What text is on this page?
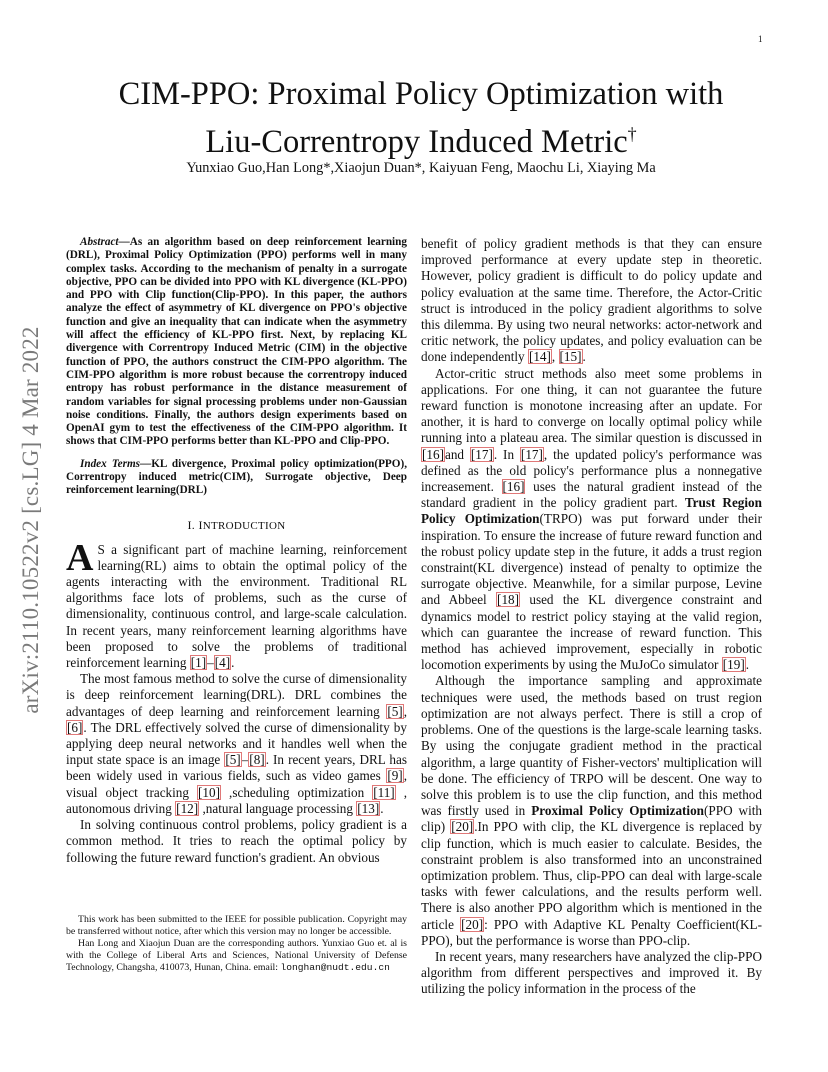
1
arXiv:2110.10522v2 [cs.LG] 4 Mar 2022
CIM-PPO: Proximal Policy Optimization with
Liu-Correntropy Induced Metric†
Yunxiao Guo,Han Long*,Xiaojun Duan*, Kaiyuan Feng, Maochu Li, Xiaying Ma
Abstract—As an algorithm based on deep reinforcement learning (DRL), Proximal Policy Optimization (PPO) performs well in many complex tasks. According to the mechanism of penalty in a surrogate objective, PPO can be divided into PPO with KL divergence (KL-PPO) and PPO with Clip function(Clip-PPO). In this paper, the authors analyze the effect of asymmetry of KL divergence on PPO's objective function and give an inequality that can indicate when the asymmetry will affect the efficiency of KL-PPO first. Next, by replacing KL divergence with Correntropy Induced Metric (CIM) in the objective function of PPO, the authors construct the CIM-PPO algorithm. The CIM-PPO algorithm is more robust because the correntropy induced entropy has robust performance in the distance measurement of random variables for signal processing problems under non-Gaussian noise conditions. Finally, the authors design experiments based on OpenAI gym to test the effectiveness of the CIM-PPO algorithm. It shows that CIM-PPO performs better than KL-PPO and Clip-PPO.
Index Terms—KL divergence, Proximal policy optimization(PPO), Correntropy induced metric(CIM), Surrogate objective, Deep reinforcement learning(DRL)
I. INTRODUCTION

A S a significant part of machine learning, reinforcement learning(RL) aims to obtain the optimal policy of the agents interacting with the environment. Traditional RL algorithms face lots of problems, such as the curse of dimensionality, continuous control, and large-scale calculation. In recent years, many reinforcement learning algorithms have been proposed to solve the problems of traditional reinforcement learning [1]–[4].

The most famous method to solve the curse of dimensionality is deep reinforcement learning(DRL). DRL combines the advantages of deep learning and reinforcement learning [5], [6]. The DRL effectively solved the curse of dimensionality by applying deep neural networks and it handles well when the input state space is an image [5]–[8]. In recent years, DRL has been widely used in various fields, such as video games [9], visual object tracking [10] ,scheduling optimization [11] , autonomous driving [12] ,natural language processing [13].

In solving continuous control problems, policy gradient is a common method. It tries to reach the optimal policy by following the future reward function's gradient. An obvious

This work has been submitted to the IEEE for possible publication. Copyright may be transferred without notice, after which this version may no longer be accessible.

Han Long and Xiaojun Duan are the corresponding authors. Yunxiao Guo et. al is with the College of Liberal Arts and Sciences, National University of Defense Technology, Changsha, 410073, Hunan, China. email: longhan@nudt.edu.cn

benefit of policy gradient methods is that they can ensure improved performance at every update step in theoretic. However, policy gradient is difficult to do policy update and policy evaluation at the same time. Therefore, the Actor-Critic struct is introduced in the policy gradient algorithms to solve this dilemma. By using two neural networks: actor-network and critic network, the policy updates, and policy evaluation can be done independently [14], [15].

Actor-critic struct methods also meet some problems in applications. For one thing, it can not guarantee the future reward function is monotone increasing after an update. For another, it is hard to converge on locally optimal policy while running into a plateau area. The similar question is discussed in [16]and [17]. In [17], the updated policy's performance was defined as the old policy's performance plus a nonnegative increasement. [16] uses the natural gradient instead of the standard gradient in the policy gradient part. Trust Region Policy Optimization(TRPO) was put forward under their inspiration. To ensure the increase of future reward function and the robust policy update step in the future, it adds a trust region constraint(KL divergence) instead of penalty to optimize the surrogate objective. Meanwhile, for a similar purpose, Levine and Abbeel [18] used the KL divergence constraint and dynamics model to restrict policy staying at the valid region, which can guarantee the increase of reward function. This method has achieved improvement, especially in robotic locomotion experiments by using the MuJoCo simulator [19].

Although the importance sampling and approximate techniques were used, the methods based on trust region optimization are not always perfect. There is still a crop of problems. One of the questions is the large-scale learning tasks. By using the conjugate gradient method in the practical algorithm, a large quantity of Fisher-vectors' multiplication will be done. The efficiency of TRPO will be descent. One way to solve this problem is to use the clip function, and this method was firstly used in Proximal Policy Optimization(PPO with clip) [20].In PPO with clip, the KL divergence is replaced by clip function, which is much easier to calculate. Besides, the constraint problem is also transformed into an unconstrained optimization problem. Thus, clip-PPO can deal with large-scale tasks with fewer calculations, and the results perform well. There is also another PPO algorithm which is mentioned in the article [20]: PPO with Adaptive KL Penalty Coefficient(KL-PPO), but the performance is worse than PPO-clip.

In recent years, many researchers have analyzed the clip-PPO algorithm from different perspectives and improved it. By utilizing the policy information in the process of the
